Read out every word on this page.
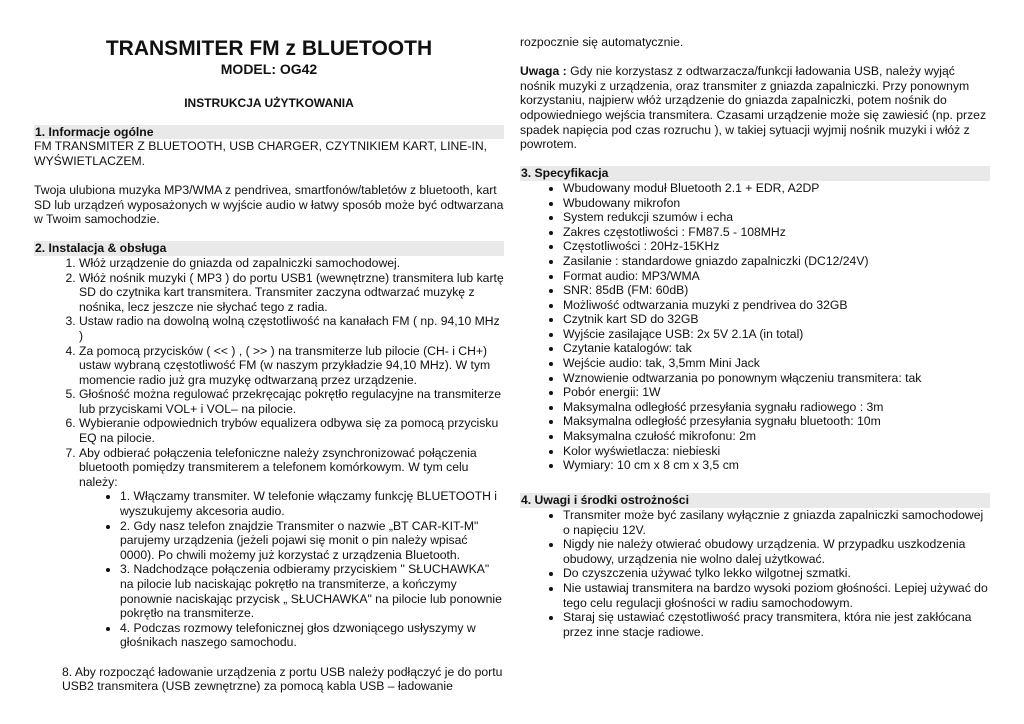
TRANSMITER FM z BLUETOOTH
MODEL: OG42
INSTRUKCJA UŻYTKOWANIA
1. Informacje ogólne

FM TRANSMITER Z BLUETOOTH, USB CHARGER, CZYTNIKIEM KART, LINE-IN, WYŚWIETLACZEM.

Twoja ulubiona muzyka MP3/WMA z pendrivea, smartfonów/tabletów z bluetooth, kart SD lub urządzeń wyposażonych w wyjście audio w łatwy sposób może być odtwarzana w Twoim samochodzie.

2. Instalacja & obsługa
1. Włóż urządzenie do gniazda od zapalniczki samochodowej.
2. Włóż nośnik muzyki ( MP3 ) do portu USB1 (wewnętrzne) transmitera lub kartę SD do czytnika kart transmitera. Transmiter zaczyna odtwarzać muzykę z nośnika, lecz jeszcze nie słychać tego z radia.
3. Ustaw radio na dowolną wolną częstotliwość na kanałach FM ( np. 94,10 MHz )
4. Za pomocą przycisków ( << ) , ( >> ) na transmiterze lub pilocie (CH- i CH+) ustaw wybraną częstotliwość FM (w naszym przykładzie 94,10 MHz). W tym momencie radio już gra muzykę odtwarzaną przez urządzenie.
5. Głośność można regulować przekręcając pokrętło regulacyjne na transmiterze lub przyciskami VOL+ i VOL– na pilocie.
6. Wybieranie odpowiednich trybów equalizera odbywa się za pomocą przycisku EQ na pilocie.
7. Aby odbierać połączenia telefoniczne należy zsynchronizować połączenia bluetooth pomiędzy transmiterem a telefonem komórkowym. W tym celu należy:
• 1. Włączamy transmiter. W telefonie włączamy funkcję BLUETOOTH i wyszukujemy akcesoria audio.
• 2. Gdy nasz telefon znajdzie Transmiter o nazwie „BT CAR-KIT-M" parujemy urządzenia (jeżeli pojawi się monit o pin należy wpisać 0000). Po chwili możemy już korzystać z urządzenia Bluetooth.
• 3. Nadchodzące połączenia odbieramy przyciskiem " SŁUCHAWKA" na pilocie lub naciskając pokrętło na transmiterze, a kończymy ponownie naciskając przycisk „ SŁUCHAWKA" na pilocie lub ponownie pokrętło na transmiterze.
• 4. Podczas rozmowy telefonicznej głos dzwoniącego usłyszymy w głośnikach naszego samochodu.

8. Aby rozpocząć ładowanie urządzenia z portu USB należy podłączyć je do portu USB2 transmitera (USB zewnętrzne) za pomocą kabla USB – ładowanie

rozpocznie się automatycznie.

Uwaga : Gdy nie korzystasz z odtwarzacza/funkcji ładowania USB, należy wyjąć nośnik muzyki z urządzenia, oraz transmiter z gniazda zapalniczki. Przy ponownym korzystaniu, najpierw włóż urządzenie do gniazda zapalniczki, potem nośnik do odpowiedniego wejścia transmitera. Czasami urządzenie może się zawiesić (np. przez spadek napięcia pod czas rozruchu ), w takiej sytuacji wyjmij nośnik muzyki i włóż z powrotem.

3. Specyfikacja
• Wbudowany moduł Bluetooth 2.1 + EDR, A2DP
• Wbudowany mikrofon
• System redukcji szumów i echa
• Zakres częstotliwości : FM87.5 - 108MHz
• Częstotliwości : 20Hz-15KHz
• Zasilanie : standardowe gniazdo zapalniczki (DC12/24V)
• Format audio: MP3/WMA
• SNR: 85dB (FM: 60dB)
• Możliwość odtwarzania muzyki z pendrivea do 32GB
• Czytnik kart SD do 32GB
• Wyjście zasilające USB: 2x 5V 2.1A (in total)
• Czytanie katalogów: tak
• Wejście audio: tak, 3,5mm Mini Jack
• Wznowienie odtwarzania po ponownym włączeniu transmitera: tak
• Pobór energii: 1W
• Maksymalna odległość przesyłania sygnału radiowego : 3m
• Maksymalna odległość przesyłania sygnału bluetooth: 10m
• Maksymalna czułość mikrofonu: 2m
• Kolor wyświetlacza: niebieski
• Wymiary: 10 cm x 8 cm x 3,5 cm
4. Uwagi i środki ostrożności
• Transmiter może być zasilany wyłącznie z gniazda zapalniczki samochodowej o napięciu 12V.
• Nigdy nie należy otwierać obudowy urządzenia. W przypadku uszkodzenia obudowy, urządzenia nie wolno dalej użytkować.
• Do czyszczenia używać tylko lekko wilgotnej szmatki.
• Nie ustawiaj transmitera na bardzo wysoki poziom głośności. Lepiej używać do tego celu regulacji głośności w radiu samochodowym.
• Staraj się ustawiać częstotliwość pracy transmitera, która nie jest zakłócana przez inne stacje radiowe.
